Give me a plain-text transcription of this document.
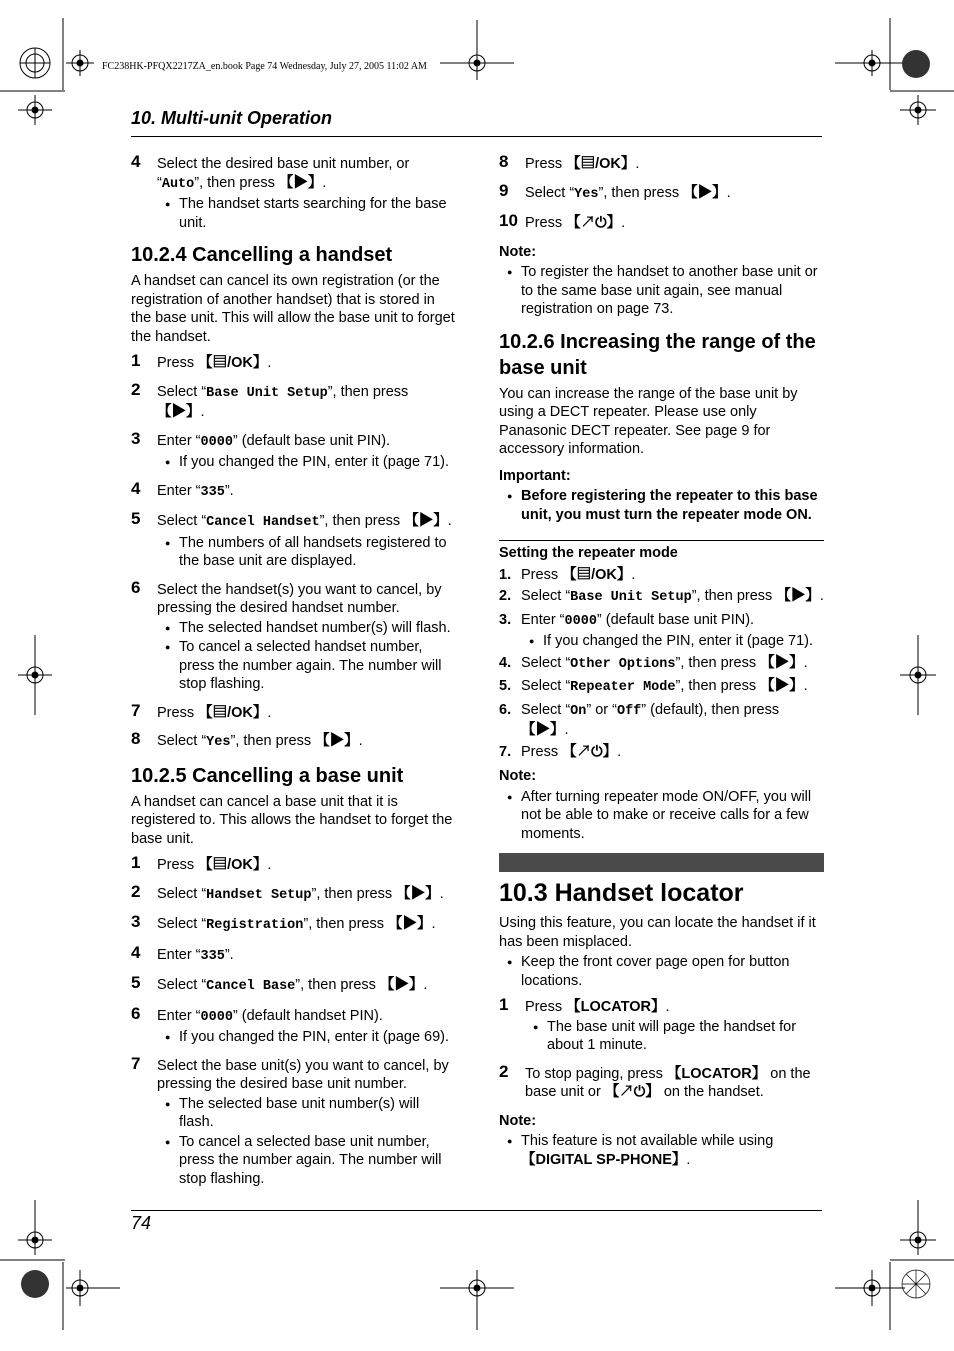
FC238HK-PFQX2217ZA_en.book Page 74 Wednesday, July 27, 2005 11:02 AM
10. Multi-unit Operation
4 Select the desired base unit number, or “Auto”, then press 【▶】.
● The handset starts searching for the base unit.
10.2.4 Cancelling a handset

A handset can cancel its own registration (or the registration of another handset) that is stored in the base unit. This will allow the base unit to forget the handset.

1 Press 【▤/OK】.
2 Select “Base Unit Setup”, then press 【▶】.
3 Enter “0000” (default base unit PIN).
● If you changed the PIN, enter it (page 71).
4 Enter “335”.
5 Select “Cancel Handset”, then press 【▶】.
● The numbers of all handsets registered to the base unit are displayed.
6 Select the handset(s) you want to cancel, by pressing the desired handset number.
● The selected handset number(s) will flash.
● To cancel a selected handset number, press the number again. The number will stop flashing.
7 Press 【▤/OK】.
8 Select “Yes”, then press 【▶】.
10.2.5 Cancelling a base unit

A handset can cancel a base unit that it is registered to. This allows the handset to forget the base unit.

1 Press 【▤/OK】.
2 Select “Handset Setup”, then press 【▶】.
3 Select “Registration”, then press 【▶】.
4 Enter “335”.
5 Select “Cancel Base”, then press 【▶】.
6 Enter “0000” (default handset PIN).
● If you changed the PIN, enter it (page 69).
7 Select the base unit(s) you want to cancel, by pressing the desired base unit number.
● The selected base unit number(s) will flash.
● To cancel a selected base unit number, press the number again. The number will stop flashing.
8 Press 【▤/OK】.
9 Select “Yes”, then press 【▶】.
10 Press 【↗⏻】.
Note:
● To register the handset to another base unit or to the same base unit again, see manual registration on page 73.
10.2.6 Increasing the range of the base unit

You can increase the range of the base unit by using a DECT repeater. Please use only Panasonic DECT repeater. See page 9 for accessory information.

Important:
● Before registering the repeater to this base unit, you must turn the repeater mode ON.
Setting the repeater mode
1. Press 【▤/OK】.
2. Select “Base Unit Setup”, then press 【▶】.
3. Enter “0000” (default base unit PIN).
● If you changed the PIN, enter it (page 71).
4. Select “Other Options”, then press 【▶】.
5. Select “Repeater Mode”, then press 【▶】.
6. Select “On” or “Off” (default), then press 【▶】.
7. Press 【↗⏻】.
Note:
● After turning repeater mode ON/OFF, you will not be able to make or receive calls for a few moments.
10.3 Handset locator

Using this feature, you can locate the handset if it has been misplaced.

● Keep the front cover page open for button locations.
1 Press 【LOCATOR】.
● The base unit will page the handset for about 1 minute.
2 To stop paging, press 【LOCATOR】 on the base unit or 【↗⏻】 on the handset.
Note:
● This feature is not available while using 【DIGITAL SP-PHONE】.
74
